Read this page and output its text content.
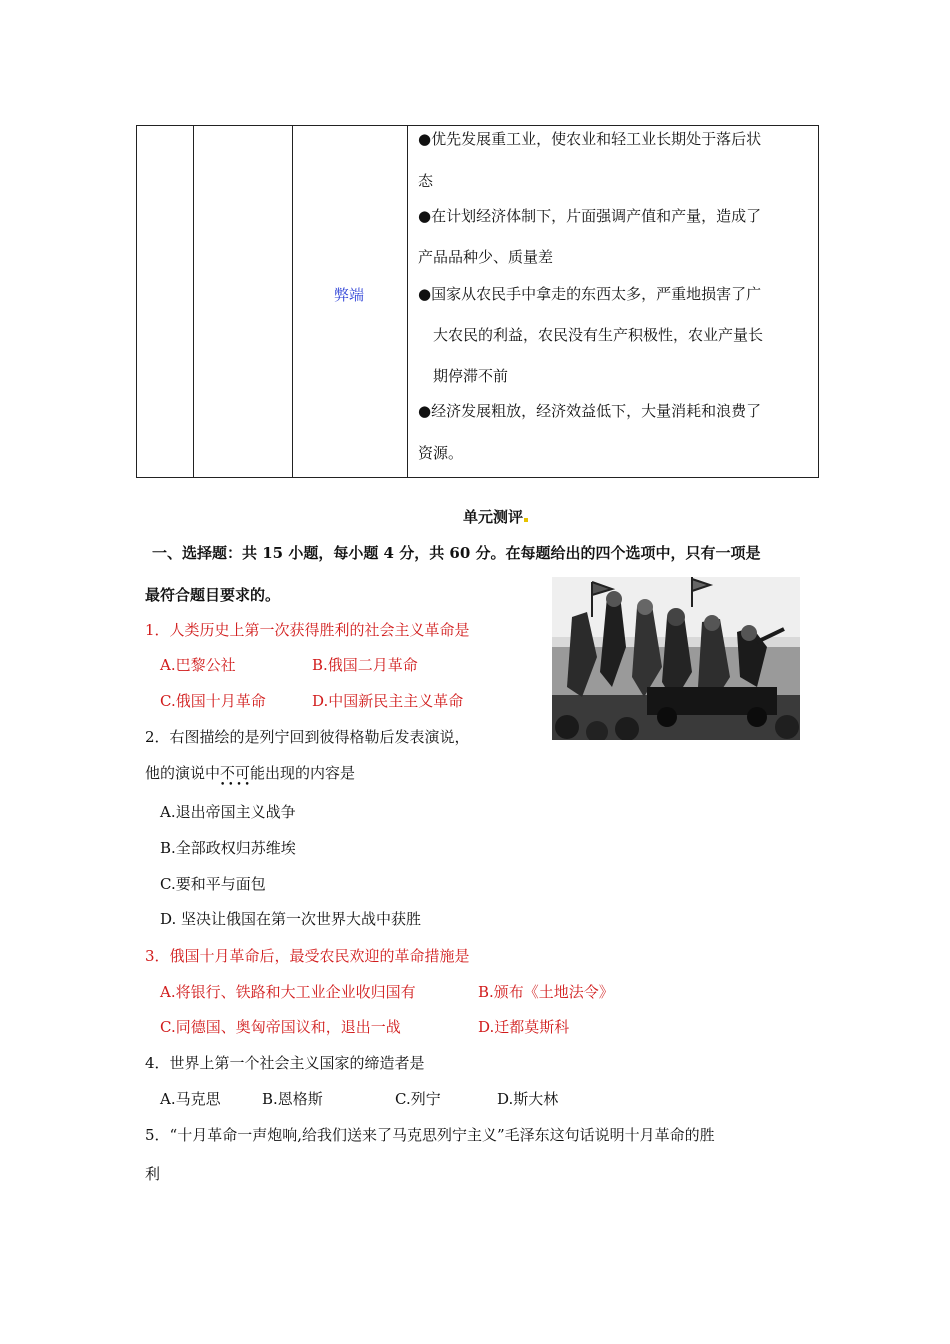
弊端
●优先发展重工业，使农业和轻工业长期处于落后状
态
●在计划经济体制下，片面强调产值和产量，造成了
产品品种少、质量差
●国家从农民手中拿走的东西太多，严重地损害了广
大农民的利益，农民没有生产积极性，农业产量长
期停滞不前
●经济发展粗放，经济效益低下，大量消耗和浪费了
资源。
单元测评
一、选择题：共 15 小题，每小题 4 分，共 60 分。在每题给出的四个选项中，只有一项是
最符合题目要求的。
1．人类历史上第一次获得胜利的社会主义革命是
A.巴黎公社	B.俄国二月革命
C.俄国十月革命	D.中国新民主主义革命
2．右图描绘的是列宁回到彼得格勒后发表演说，
他的演说中不可能 • •出现的内容是
A.退出帝国主义战争
B.全部政权归苏维埃
C.要和平与面包
D. 坚决让俄国在第一次世界大战中获胜
3．俄国十月革命后，最受农民欢迎的革命措施是
A.将银行、铁路和大工业企业收归国有	B.颁布《土地法令》
C.同德国、奥匈帝国议和，退出一战	D.迁都莫斯科
4．世界上第一个社会主义国家的缔造者是
A.马克思	B.恩格斯	C.列宁	D.斯大林
5．“十月革命一声炮响,给我们送来了马克思列宁主义”毛泽东这句话说明十月革命的胜
利
